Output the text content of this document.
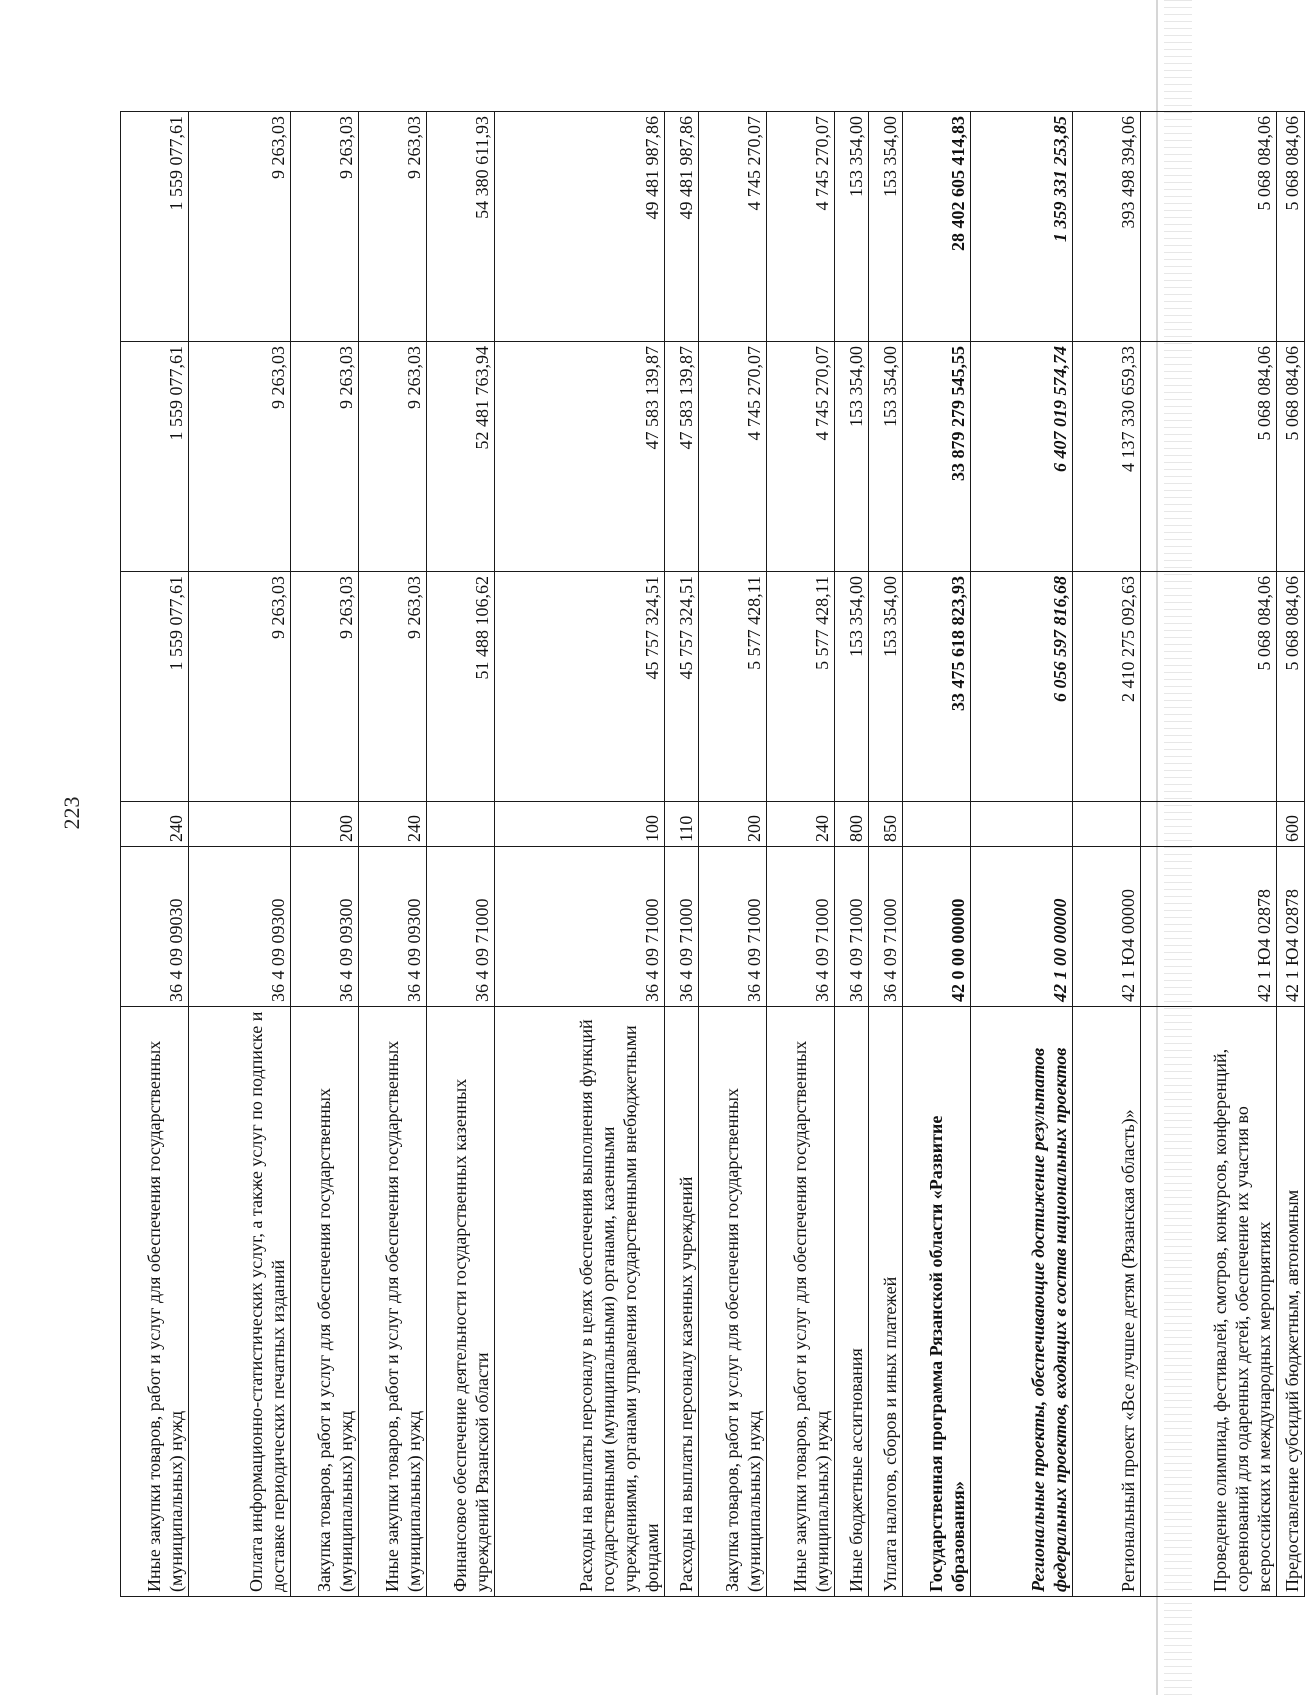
223
Иные закупки товаров, работ и услуг для обеспечения государственных (муниципальных) нужд	36 4 09 09030	240	1 559 077,61	1 559 077,61	1 559 077,61
Оплата информационно-статистических услуг, а также услуг по подписке и доставке периодических печатных изданий	36 4 09 09300		9 263,03	9 263,03	9 263,03
Закупка товаров, работ и услуг для обеспечения государственных (муниципальных) нужд	36 4 09 09300	200	9 263,03	9 263,03	9 263,03
Иные закупки товаров, работ и услуг для обеспечения государственных (муниципальных) нужд	36 4 09 09300	240	9 263,03	9 263,03	9 263,03
Финансовое обеспечение деятельности государственных казенных учреждений Рязанской области	36 4 09 71000		51 488 106,62	52 481 763,94	54 380 611,93
Расходы на выплаты персоналу в целях обеспечения выполнения функций государственными (муниципальными) органами, казенными учреждениями, органами управления государственными внебюджетными фондами	36 4 09 71000	100	45 757 324,51	47 583 139,87	49 481 987,86
Расходы на выплаты персоналу казенных учреждений	36 4 09 71000	110	45 757 324,51	47 583 139,87	49 481 987,86
Закупка товаров, работ и услуг для обеспечения государственных (муниципальных) нужд	36 4 09 71000	200	5 577 428,11	4 745 270,07	4 745 270,07
Иные закупки товаров, работ и услуг для обеспечения государственных (муниципальных) нужд	36 4 09 71000	240	5 577 428,11	4 745 270,07	4 745 270,07
Иные бюджетные ассигнования	36 4 09 71000	800	153 354,00	153 354,00	153 354,00
Уплата налогов, сборов и иных платежей	36 4 09 71000	850	153 354,00	153 354,00	153 354,00
Государственная программа Рязанской области «Развитие образования»	42 0 00 00000		33 475 618 823,93	33 879 279 545,55	28 402 605 414,83
Региональные проекты, обеспечивающие достижение результатов федеральных проектов, входящих в состав национальных проектов	42 1 00 00000		6 056 597 816,68	6 407 019 574,74	1 359 331 253,85
Региональный проект «Все лучшее детям (Рязанская область)»	42 1 Ю4 00000		2 410 275 092,63	4 137 330 659,33	393 498 394,06
Проведение олимпиад, фестивалей, смотров, конкурсов, конференций, соревнований для одаренных детей, обеспечение их участия во всероссийских и международных мероприятиях	42 1 Ю4 02878		5 068 084,06	5 068 084,06	5 068 084,06
Предоставление субсидий бюджетным, автономным	42 1 Ю4 02878	600	5 068 084,06	5 068 084,06	5 068 084,06
